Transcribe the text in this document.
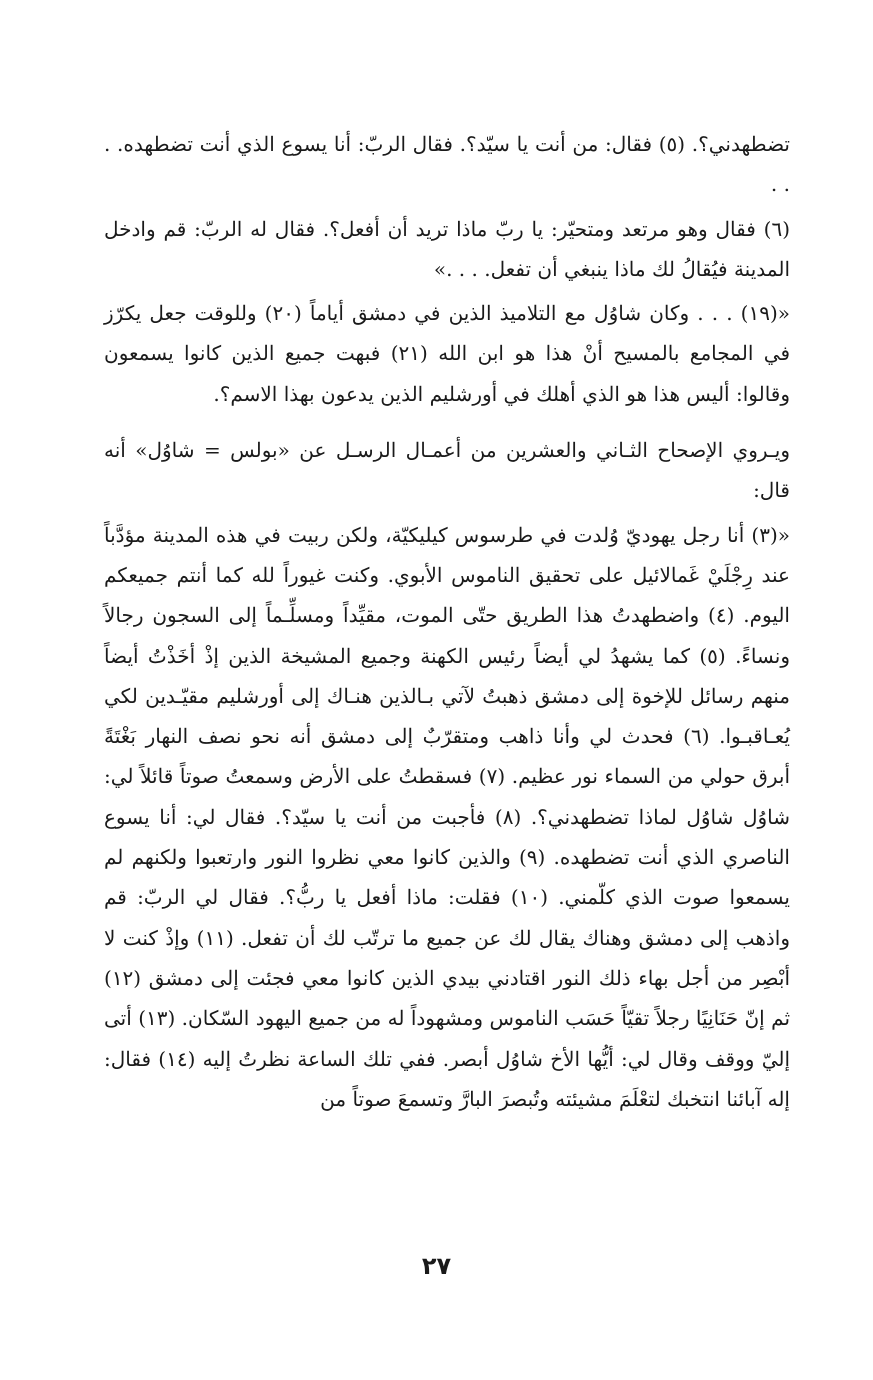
تضطهدني؟. (٥) فقال: من أنت يا سيّد؟. فقال الربّ: أنا يسوع الذي أنت تضطهده. . . .

(٦) فقال وهو مرتعد ومتحيّر: يا ربّ ماذا تريد أن أفعل؟. فقال له الربّ: قم وادخل المدينة فيُقالُ لك ماذا ينبغي أن تفعل. . . .»

«(١٩) . . . وكان شاوُل مع التلاميذ الذين في دمشق أياماً (٢٠) وللوقت جعل يكرّز في المجامع بالمسيح أنْ هذا هو ابن الله (٢١) فبهت جميع الذين كانوا يسمعون وقالوا: أليس هذا هو الذي أهلك في أورشليم الذين يدعون بهذا الاسم؟.

ويـروي الإصحاح الثـاني والعشرين من أعمـال الرسـل عن «بولس = شاوُل» أنه قال:

«(٣) أنا رجل يهوديّ وُلدت في طرسوس كيليكيّة، ولكن ربيت في هذه المدينة مؤدَّباً عند رِجْلَيْ غَمالائيل على تحقيق الناموس الأبوي. وكنت غيوراً لله كما أنتم جميعكم اليوم. (٤) واضطهدتُ هذا الطريق حتّى الموت، مقيِّداً ومسلِّـماً إلى السجون رجالاً ونساءً. (٥) كما يشهدُ لي أيضاً رئيس الكهنة وجميع المشيخة الذين إذْ أخَذْتُ أيضاً منهم رسائل للإخوة إلى دمشق ذهبتُ لآتي بـالذين هنـاك إلى أورشليم مقيّـدين لكي يُعـاقبـوا. (٦) فحدث لي وأنا ذاهب ومتقرّبٌ إلى دمشق أنه نحو نصف النهار بَغْتَةً أبرق حولي من السماء نور عظيم. (٧) فسقطتُ على الأرض وسمعتُ صوتاً قائلاً لي: شاوُل شاوُل لماذا تضطهدني؟. (٨) فأجبت من أنت يا سيّد؟. فقال لي: أنا يسوع الناصري الذي أنت تضطهده. (٩) والذين كانوا معي نظروا النور وارتعبوا ولكنهم لم يسمعوا صوت الذي كلّمني. (١٠) فقلت: ماذا أفعل يا ربُّ؟. فقال لي الربّ: قم واذهب إلى دمشق وهناك يقال لك عن جميع ما ترتّب لك أن تفعل. (١١) وإذْ كنت لا أبْصِر من أجل بهاء ذلك النور اقتادني بيدي الذين كانوا معي فجئت إلى دمشق (١٢) ثم إنّ حَنَانِيًا رجلاً تقيّاً حَسَب الناموس ومشهوداً له من جميع اليهود السّكان. (١٣) أتى إليّ ووقف وقال لي: أيُّها الأخ شاوُل أبصر. ففي تلك الساعة نظرتُ إليه (١٤) فقال: إله آبائنا انتخبك لتعْلَمَ مشيئته وتُبصرَ البارَّ وتسمعَ صوتاً من

٢٧
